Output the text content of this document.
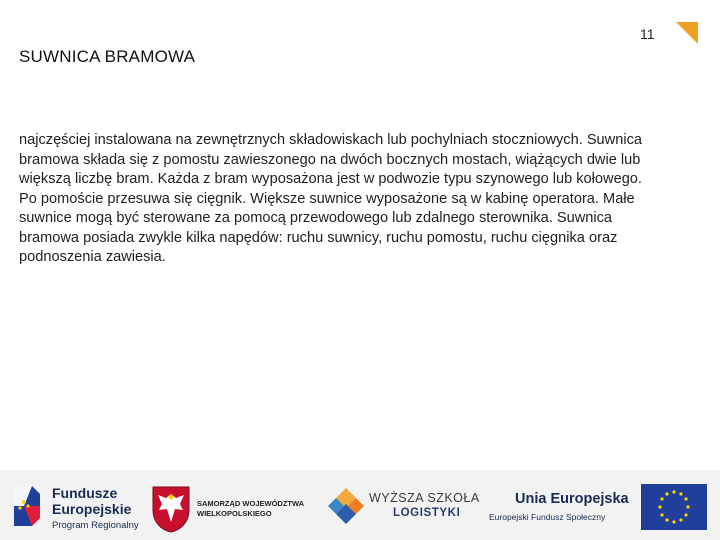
11
SUWNICA BRAMOWA

najczęściej instalowana na zewnętrznych składowiskach lub pochylniach stoczniowych. Suwnica bramowa składa się z pomostu zawieszonego na dwóch bocznych mostach, wiążących dwie lub większą liczbę bram. Każda z bram wyposażona jest w podwozie typu szynowego lub kołowego. Po pomoście przesuwa się cięgnik. Większe suwnice wyposażone są w kabinę operatora. Małe suwnice mogą być sterowane za pomocą przewodowego lub zdalnego sterownika. Suwnica bramowa posiada zwykle kilka napędów: ruchu suwnicy, ruchu pomostu, ruchu cięgnika oraz podnoszenia zawiesia.

Fundusze
Europejskie
Program Regionalny
SAMORZĄD WOJEWÓDZTWA
WIELKOPOLSKIEGO
WYŻSZA SZKOŁA
LOGISTYKI
Unia Europejska
Europejski Fundusz Społeczny
